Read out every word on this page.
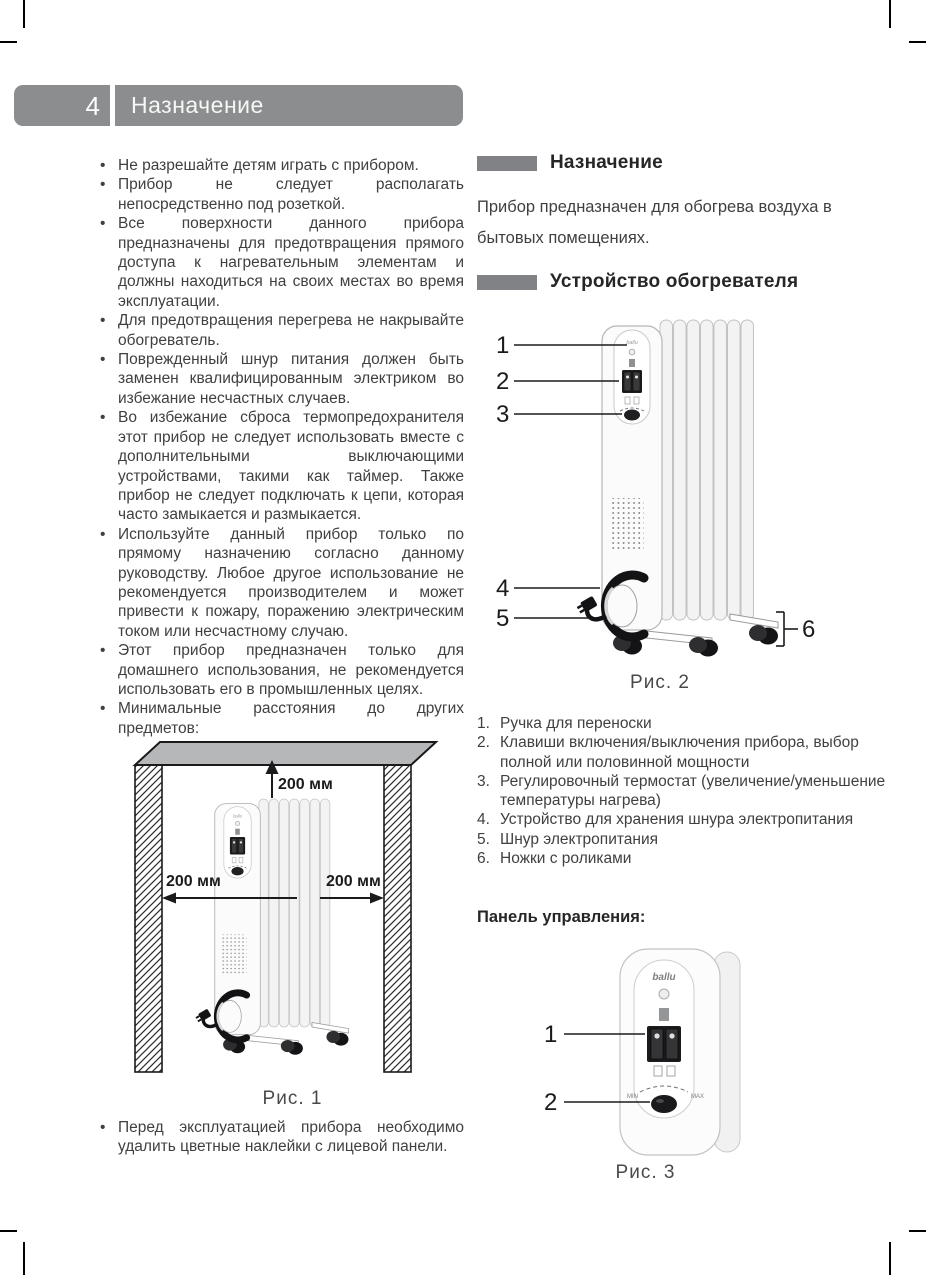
4 Назначение
• Не разрешайте детям играть с прибором.
• Прибор не следует располагать непосредственно под розеткой.
• Все поверхности данного прибора предназначены для предотвращения прямого доступа к нагревательным элементам и должны находиться на своих местах во время эксплуатации.
• Для предотвращения перегрева не накрывайте обогреватель.
• Поврежденный шнур питания должен быть заменен квалифицированным электриком во избежание несчастных случаев.
• Во избежание сброса термопредохранителя этот прибор не следует использовать вместе с дополнительными выключающими устройствами, такими как таймер. Также прибор не следует подключать к цепи, которая часто замыкается и размыкается.
• Используйте данный прибор только по прямому назначению согласно данному руководству. Любое другое использование не рекомендуется производителем и может привести к пожару, поражению электрическим током или несчастному случаю.
• Этот прибор предназначен только для домашнего использования, не рекомендуется использовать его в промышленных целях.
• Минимальные расстояния до других предметов:
200 мм
200 мм	200 мм
Рис. 1
• Перед эксплуатацией прибора необходимо удалить цветные наклейки с лицевой панели.
Назначение
Прибор предназначен для обогрева воздуха в бытовых помещениях.
Устройство обогревателя
1
2
3
4
5	6
Рис. 2
1. Ручка для переноски
2. Клавиши включения/выключения прибора, выбор полной или половинной мощности
3. Регулировочный термостат (увеличение/уменьшение температуры нагрева)
4. Устройство для хранения шнура электропитания
5. Шнур электропитания
6. Ножки с роликами
Панель управления:
ballu
MIN	MAX
1
2
Рис. 3
